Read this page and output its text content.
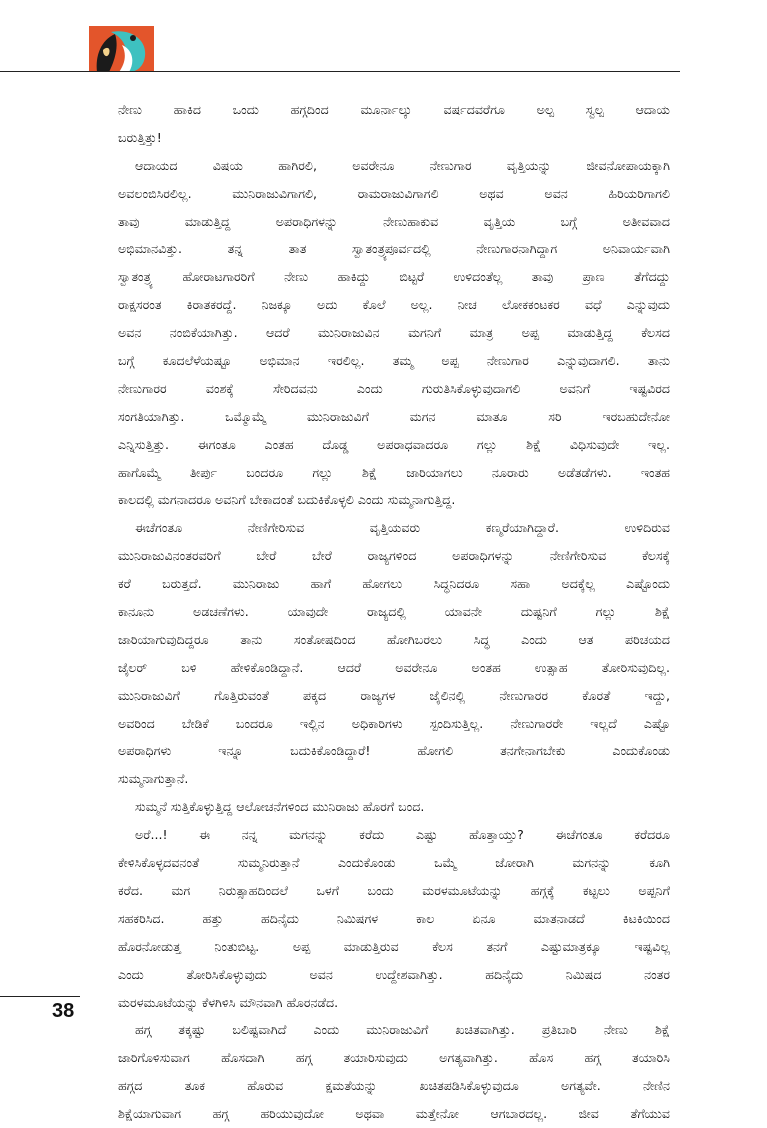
ನೇಣು ಹಾಕಿದ ಒಂದು ಹಗ್ಗದಿಂದ ಮೂರ್ನಾಲ್ಕು ವರ್ಷದವರೆಗೂ ಅಲ್ಪ ಸ್ವಲ್ಪ ಆದಾಯ
ಬರುತ್ತಿತ್ತು!
ಆದಾಯದ ವಿಷಯ ಹಾಗಿರಲಿ, ಅವರೇನೂ ನೇಣುಗಾರ ವೃತ್ತಿಯನ್ನು ಜೀವನೋಪಾಯಕ್ಕಾಗಿ
ಅವಲಂಬಿಸಿರಲಿಲ್ಲ. ಮುನಿರಾಜುವಿಗಾಗಲಿ, ರಾಮರಾಜುವಿಗಾಗಲಿ ಅಥವ ಅವನ ಹಿರಿಯರಿಗಾಗಲಿ
ತಾವು ಮಾಡುತ್ತಿದ್ದ ಅಪರಾಧಿಗಳನ್ನು ನೇಣುಹಾಕುವ ವೃತ್ತಿಯ ಬಗ್ಗೆ ಅತೀವವಾದ
ಅಭಿಮಾನವಿತ್ತು. ತನ್ನ ತಾತ ಸ್ವಾತಂತ್ರ್ಯಪೂರ್ವದಲ್ಲಿ ನೇಣುಗಾರನಾಗಿದ್ದಾಗ ಅನಿವಾರ್ಯವಾಗಿ
ಸ್ವಾತಂತ್ರ್ಯ ಹೋರಾಟಗಾರರಿಗೆ ನೇಣು ಹಾಕಿದ್ದು ಬಿಟ್ಟರೆ ಉಳಿದಂತೆಲ್ಲ ತಾವು ಪ್ರಾಣ ತೆಗೆದದ್ದು
ರಾಕ್ಷಸರಂತ ಕಿರಾತಕರದ್ದೆ. ನಿಜಕ್ಕೂ ಅದು ಕೊಲೆ ಅಲ್ಲ. ನೀಚ ಲೋಕಕಂಟಕರ ವಧೆ ಎನ್ನುವುದು
ಅವನ ನಂಬಿಕೆಯಾಗಿತ್ತು. ಆದರೆ ಮುನಿರಾಜುವಿನ ಮಗನಿಗೆ ಮಾತ್ರ ಅಪ್ಪ ಮಾಡುತ್ತಿದ್ದ ಕೆಲಸದ
ಬಗ್ಗೆ ಕೂದಲೆಳೆಯಷ್ಟೂ ಅಭಿಮಾನ ಇರಲಿಲ್ಲ. ತಮ್ಮ ಅಪ್ಪ ನೇಣುಗಾರ ಎನ್ನುವುದಾಗಲಿ. ತಾನು
ನೇಣುಗಾರರ ವಂಶಕ್ಕೆ ಸೇರಿದವನು ಎಂದು ಗುರುತಿಸಿಕೊಳ್ಳುವುದಾಗಲಿ ಅವನಿಗೆ ಇಷ್ಟವಿರದ
ಸಂಗತಿಯಾಗಿತ್ತು. ಒಮ್ಮೊಮ್ಮೆ ಮುನಿರಾಜುವಿಗೆ ಮಗನ ಮಾತೂ ಸರಿ ಇರಬಹುದೇನೋ
ಎನ್ನಿಸುತ್ತಿತ್ತು. ಈಗಂತೂ ಎಂತಹ ದೊಡ್ಡ ಅಪರಾಧವಾದರೂ ಗಲ್ಲು ಶಿಕ್ಷೆ ವಿಧಿಸುವುದೇ ಇಲ್ಲ.
ಹಾಗೊಮ್ಮೆ ತೀರ್ಪು ಬಂದರೂ ಗಲ್ಲು ಶಿಕ್ಷೆ ಜಾರಿಯಾಗಲು ನೂರಾರು ಅಡೆತಡೆಗಳು. ಇಂತಹ
ಕಾಲದಲ್ಲಿ ಮಗನಾದರೂ ಅವನಿಗೆ ಬೇಕಾದಂತೆ ಬದುಕಿಕೊಳ್ಳಲಿ ಎಂದು ಸುಮ್ಮನಾಗುತ್ತಿದ್ದ.
ಈಚೆಗಂತೂ ನೇಣಿಗೇರಿಸುವ ವೃತ್ತಿಯವರು ಕಣ್ಮರೆಯಾಗಿದ್ದಾರೆ. ಉಳಿದಿರುವ
ಮುನಿರಾಜುವಿನಂತರವರಿಗೆ ಬೇರೆ ಬೇರೆ ರಾಜ್ಯಗಳಿಂದ ಅಪರಾಧಿಗಳನ್ನು ನೇಣಿಗೇರಿಸುವ ಕೆಲಸಕ್ಕೆ
ಕರೆ ಬರುತ್ತದೆ. ಮುನಿರಾಜು ಹಾಗೆ ಹೋಗಲು ಸಿದ್ಧನಿದರೂ ಸಹಾ ಅದಕ್ಕೆಲ್ಲ ಎಷ್ಟೊಂದು
ಕಾನೂನು ಅಡಚಣೆಗಳು. ಯಾವುದೇ ರಾಜ್ಯದಲ್ಲಿ ಯಾವನೇ ದುಷ್ಟನಿಗೆ ಗಲ್ಲು ಶಿಕ್ಷೆ
ಜಾರಿಯಾಗುವುದಿದ್ದರೂ ತಾನು ಸಂತೋಷದಿಂದ ಹೋಗಿಬರಲು ಸಿದ್ಧ ಎಂದು ಆತ ಪರಿಚಯದ
ಜೈಲರ್ ಬಳಿ ಹೇಳಿಕೊಂಡಿದ್ದಾನೆ. ಆದರೆ ಅವರೇನೂ ಅಂತಹ ಉತ್ಸಾಹ ತೋರಿಸುವುದಿಲ್ಲ.
ಮುನಿರಾಜುವಿಗೆ ಗೊತ್ತಿರುವಂತೆ ಪಕ್ಕದ ರಾಜ್ಯಗಳ ಜೈಲಿನಲ್ಲಿ ನೇಣುಗಾರರ ಕೊರತೆ ಇದ್ದು,
ಅವರಿಂದ ಬೇಡಿಕೆ ಬಂದರೂ ಇಲ್ಲಿನ ಅಧಿಕಾರಿಗಳು ಸ್ಪಂದಿಸುತ್ತಿಲ್ಲ. ನೇಣುಗಾರರೇ ಇಲ್ಲದೆ ಎಷ್ಟೊ
ಅಪರಾಧಿಗಳು ಇನ್ನೂ ಬದುಕಿಕೊಂಡಿದ್ದಾರೆ! ಹೋಗಲಿ ತನಗೇನಾಗಬೇಕು ಎಂದುಕೊಂಡು
ಸುಮ್ಮನಾಗುತ್ತಾನೆ.
ಸುಮ್ಮನೆ ಸುತ್ತಿಕೊಳ್ಳುತ್ತಿದ್ದ ಆಲೋಚನೆಗಳಿಂದ ಮುನಿರಾಜು ಹೊರಗೆ ಬಂದ.
ಅರೆ...! ಈ ನನ್ನ ಮಗನನ್ನು ಕರೆದು ಎಷ್ಟು ಹೊತ್ತಾಯ್ತು? ಈಚೆಗಂತೂ ಕರೆದರೂ
ಕೇಳಿಸಿಕೊಳ್ಳದವನಂತೆ ಸುಮ್ಮನಿರುತ್ತಾನೆ ಎಂದುಕೊಂಡು ಒಮ್ಮೆ ಜೋರಾಗಿ ಮಗನನ್ನು ಕೂಗಿ
ಕರೆದ. ಮಗ ನಿರುತ್ಸಾಹದಿಂದಲೆ ಒಳಗೆ ಬಂದು ಮರಳಮೂಟೆಯನ್ನು ಹಗ್ಗಕ್ಕೆ ಕಟ್ಟಲು ಅಪ್ಪನಿಗೆ
ಸಹಕರಿಸಿದ. ಹತ್ತು ಹದಿನೈದು ನಿಮಿಷಗಳ ಕಾಲ ಏನೂ ಮಾತನಾಡದೆ ಕಿಟಕಿಯಿಂದ
ಹೊರನೋಡುತ್ತ ನಿಂತುಬಿಟ್ಟ. ಅಪ್ಪ ಮಾಡುತ್ತಿರುವ ಕೆಲಸ ತನಗೆ ಎಷ್ಟುಮಾತ್ರಕ್ಕೂ ಇಷ್ಟವಿಲ್ಲ
ಎಂದು ತೋರಿಸಿಕೊಳ್ಳುವುದು ಅವನ ಉದ್ದೇಶವಾಗಿತ್ತು. ಹದಿನೈದು ನಿಮಿಷದ ನಂತರ
ಮರಳಮೂಟೆಯನ್ನು ಕೆಳಗಿಳಿಸಿ ಮೌನವಾಗಿ ಹೊರನಡೆದ.
ಹಗ್ಗ ತಕ್ಕಷ್ಟು ಬಲಿಷ್ಟವಾಗಿದೆ ಎಂದು ಮುನಿರಾಜುವಿಗೆ ಖಚಿತವಾಗಿತ್ತು. ಪ್ರತಿಬಾರಿ ನೇಣು ಶಿಕ್ಷೆ
ಜಾರಿಗೊಳಿಸುವಾಗ ಹೊಸದಾಗಿ ಹಗ್ಗ ತಯಾರಿಸುವುದು ಅಗತ್ಯವಾಗಿತ್ತು. ಹೊಸ ಹಗ್ಗ ತಯಾರಿಸಿ
ಹಗ್ಗದ ತೂಕ ಹೊರುವ ಕ್ಷಮತೆಯನ್ನು ಖಚಿತಪಡಿಸಿಕೊಳ್ಳುವುದೂ ಅಗತ್ಯವೇ. ನೇಣಿನ
ಶಿಕ್ಷೆಯಾಗುವಾಗ ಹಗ್ಗ ಹರಿಯುವುದೋ ಅಥವಾ ಮತ್ತೇನೋ ಆಗಬಾರದಲ್ಲ. ಜೀವ ತೆಗೆಯುವ
38
